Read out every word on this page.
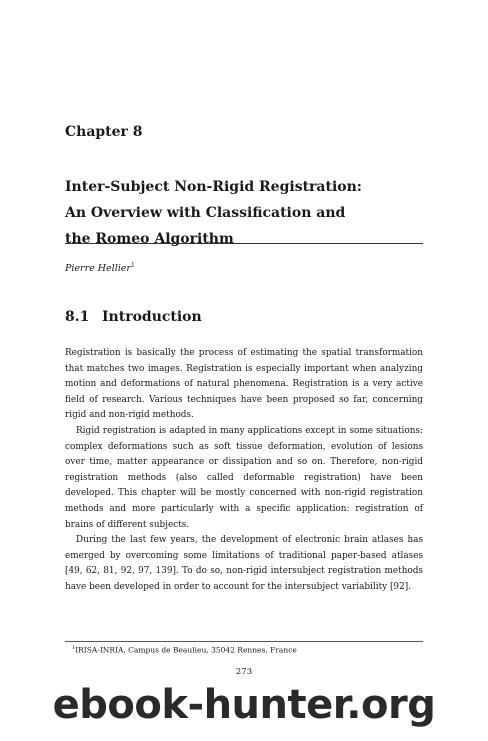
Chapter 8
Inter-Subject Non-Rigid Registration:
An Overview with Classification and
the Romeo Algorithm
Pierre Hellier$^1$
8.1 Introduction

Registration is basically the process of estimating the spatial transformation that matches two images. Registration is especially important when analyzing motion and deformations of natural phenomena. Registration is a very active field of research. Various techniques have been proposed so far, concerning rigid and non-rigid methods.

Rigid registration is adapted in many applications except in some situations: complex deformations such as soft tissue deformation, evolution of lesions over time, matter appearance or dissipation and so on. Therefore, non-rigid registration methods (also called deformable registration) have been developed. This chapter will be mostly concerned with non-rigid registration methods and more particularly with a specific application: registration of brains of different subjects.

During the last few years, the development of electronic brain atlases has emerged by overcoming some limitations of traditional paper-based atlases [49, 62, 81, 92, 97, 139]. To do so, non-rigid intersubject registration methods have been developed in order to account for the intersubject variability [92].

$^1$IRISA-INRIA, Campus de Beaulieu, 35042 Rennes, France
273
ebook-hunter.org
